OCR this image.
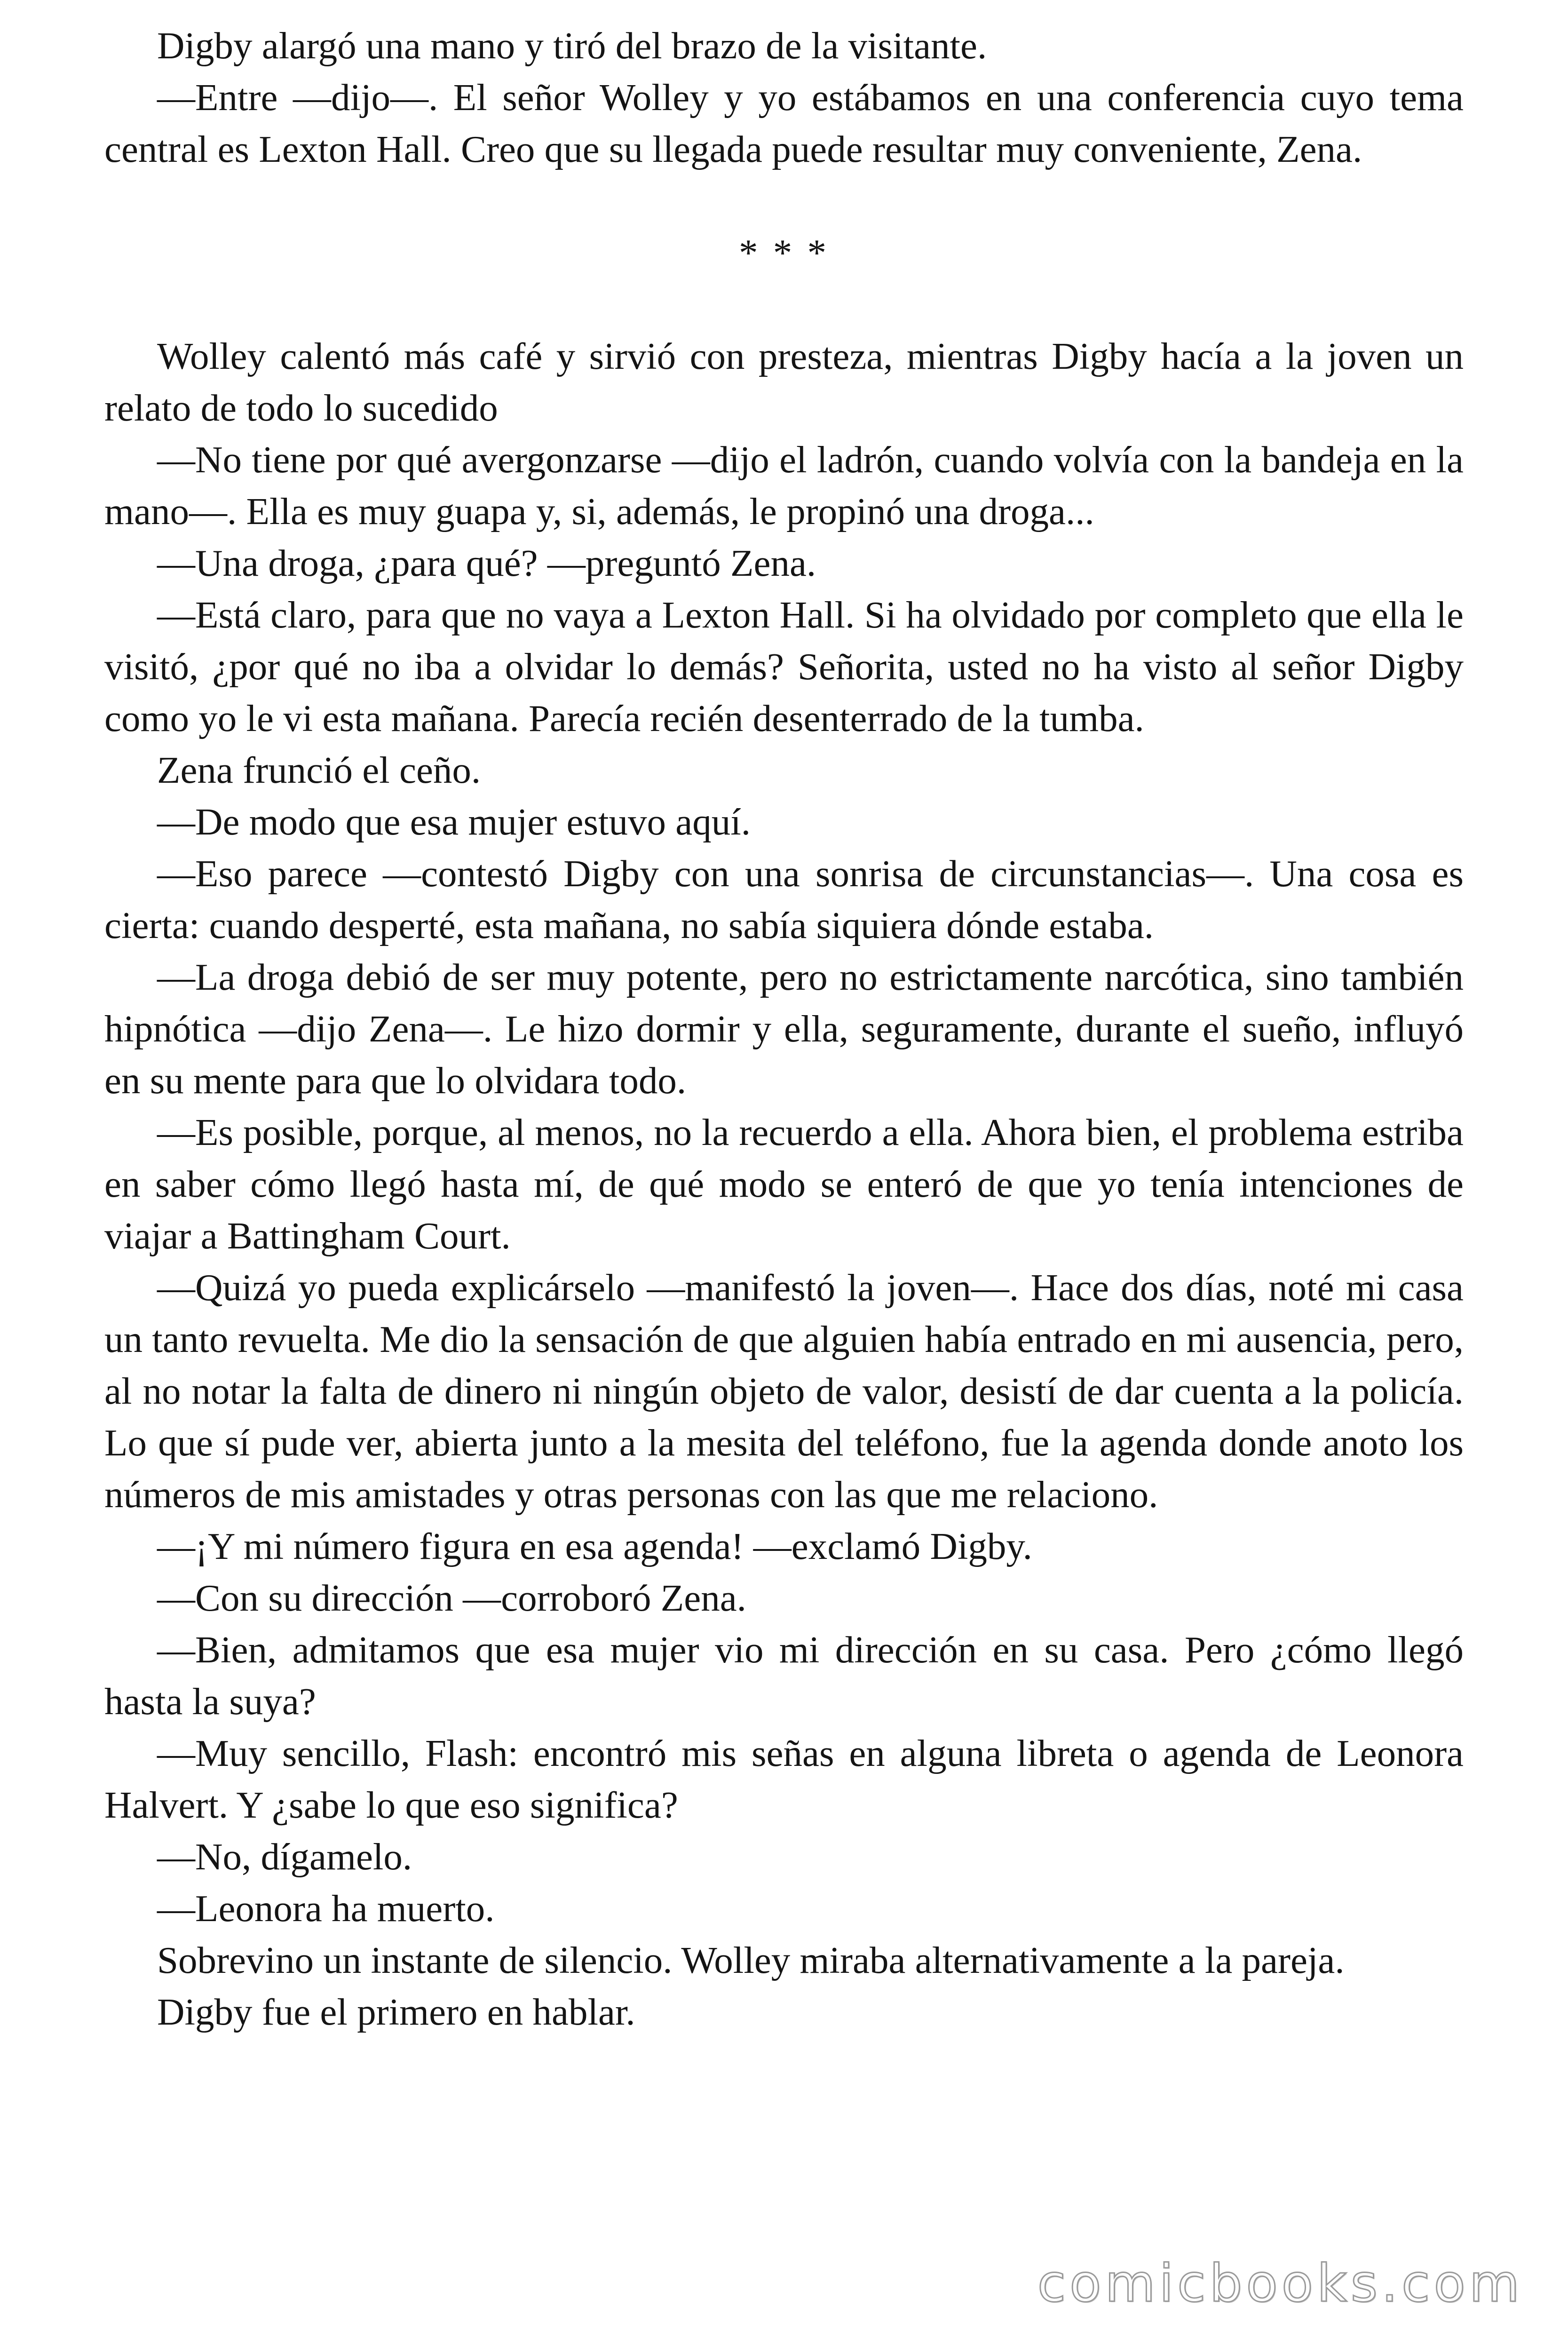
Digby alargó una mano y tiró del brazo de la visitante.

—Entre —dijo—. El señor Wolley y yo estábamos en una conferencia cuyo tema central es Lexton Hall. Creo que su llegada puede resultar muy conveniente, Zena.

* * *

Wolley calentó más café y sirvió con presteza, mientras Digby hacía a la joven un relato de todo lo sucedido

—No tiene por qué avergonzarse —dijo el ladrón, cuando volvía con la bandeja en la mano—. Ella es muy guapa y, si, además, le propinó una droga...

—Una droga, ¿para qué? —preguntó Zena.

—Está claro, para que no vaya a Lexton Hall. Si ha olvidado por completo que ella le visitó, ¿por qué no iba a olvidar lo demás? Señorita, usted no ha visto al señor Digby como yo le vi esta mañana. Parecía recién desenterrado de la tumba.

Zena frunció el ceño.

—De modo que esa mujer estuvo aquí.

—Eso parece —contestó Digby con una sonrisa de circunstancias—. Una cosa es cierta: cuando desperté, esta mañana, no sabía siquiera dónde estaba.

—La droga debió de ser muy potente, pero no estrictamente narcótica, sino también hipnótica —dijo Zena—. Le hizo dormir y ella, seguramente, durante el sueño, influyó en su mente para que lo olvidara todo.

—Es posible, porque, al menos, no la recuerdo a ella. Ahora bien, el problema estriba en saber cómo llegó hasta mí, de qué modo se enteró de que yo tenía intenciones de viajar a Battingham Court.

—Quizá yo pueda explicárselo —manifestó la joven—. Hace dos días, noté mi casa un tanto revuelta. Me dio la sensación de que alguien había entrado en mi ausencia, pero, al no notar la falta de dinero ni ningún objeto de valor, desistí de dar cuenta a la policía. Lo que sí pude ver, abierta junto a la mesita del teléfono, fue la agenda donde anoto los números de mis amistades y otras personas con las que me relaciono.

—¡Y mi número figura en esa agenda! —exclamó Digby.

—Con su dirección —corroboró Zena.

—Bien, admitamos que esa mujer vio mi dirección en su casa. Pero ¿cómo llegó hasta la suya?

—Muy sencillo, Flash: encontró mis señas en alguna libreta o agenda de Leonora Halvert. Y ¿sabe lo que eso significa?

—No, dígamelo.

—Leonora ha muerto.

Sobrevino un instante de silencio. Wolley miraba alternativamente a la pareja.

Digby fue el primero en hablar.

comicbooks.com
